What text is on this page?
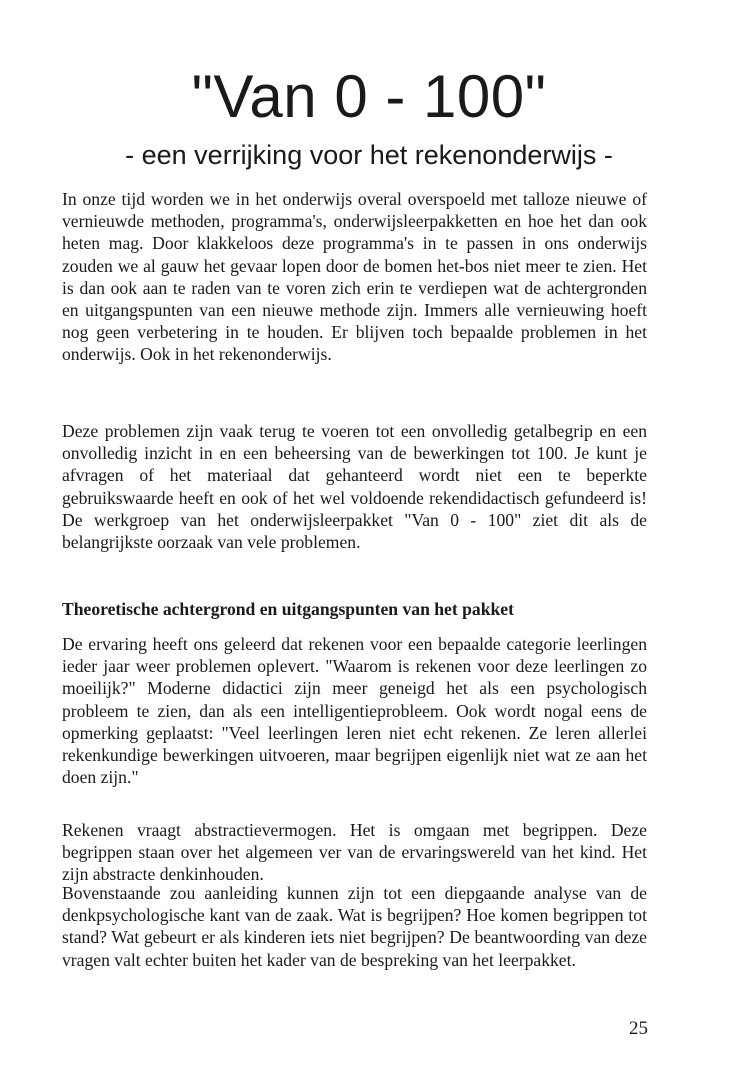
"Van 0 - 100"
- een verrijking voor het rekenonderwijs -

In onze tijd worden we in het onderwijs overal overspoeld met talloze nieuwe of vernieuwde methoden, programma's, onderwijsleerpakketten en hoe het dan ook heten mag. Door klakkeloos deze programma's in te passen in ons onderwijs zouden we al gauw het gevaar lopen door de bomen het-bos niet meer te zien. Het is dan ook aan te raden van te voren zich erin te verdiepen wat de achtergronden en uitgangspunten van een nieuwe methode zijn. Immers alle vernieuwing hoeft nog geen verbetering in te houden. Er blijven toch bepaalde problemen in het onderwijs. Ook in het rekenonderwijs.

Deze problemen zijn vaak terug te voeren tot een onvolledig getalbegrip en een onvolledig inzicht in en een beheersing van de bewerkingen tot 100. Je kunt je afvragen of het materiaal dat gehanteerd wordt niet een te beperkte gebruikswaarde heeft en ook of het wel voldoende rekendidactisch gefundeerd is! De werkgroep van het onderwijsleerpakket "Van 0 - 100" ziet dit als de belangrijkste oorzaak van vele problemen.

Theoretische achtergrond en uitgangspunten van het pakket

De ervaring heeft ons geleerd dat rekenen voor een bepaalde categorie leerlingen ieder jaar weer problemen oplevert. "Waarom is rekenen voor deze leerlingen zo moeilijk?" Moderne didactici zijn meer geneigd het als een psychologisch probleem te zien, dan als een intelligentieprobleem. Ook wordt nogal eens de opmerking geplaatst: "Veel leerlingen leren niet echt rekenen. Ze leren allerlei rekenkundige bewerkingen uitvoeren, maar begrijpen eigenlijk niet wat ze aan het doen zijn."

Rekenen vraagt abstractievermogen. Het is omgaan met begrippen. Deze begrippen staan over het algemeen ver van de ervaringswereld van het kind. Het zijn abstracte denkinhouden.

Bovenstaande zou aanleiding kunnen zijn tot een diepgaande analyse van de denkpsychologische kant van de zaak. Wat is begrijpen? Hoe komen begrippen tot stand? Wat gebeurt er als kinderen iets niet begrijpen? De beantwoording van deze vragen valt echter buiten het kader van de bespreking van het leerpakket.

25
